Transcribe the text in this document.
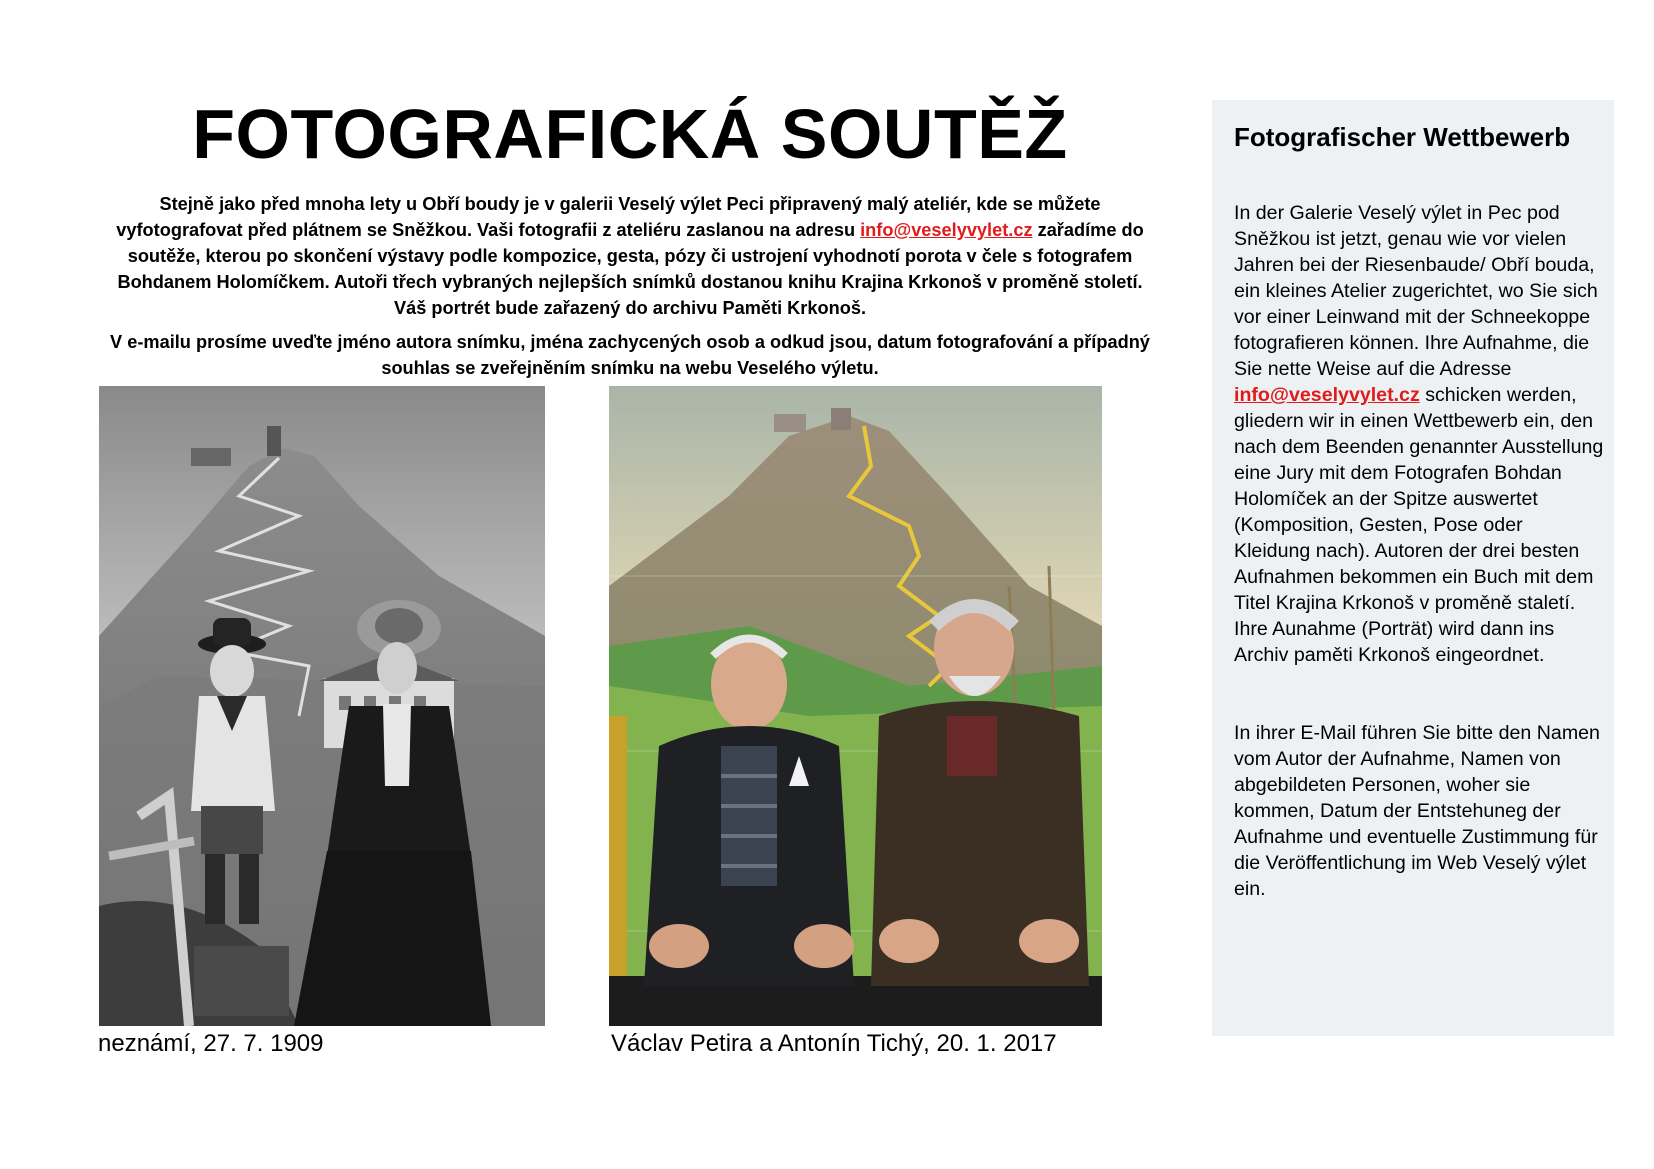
FOTOGRAFICKÁ SOUTĚŽ

Stejně jako před mnoha lety u Obří boudy je v galerii Veselý výlet Peci připravený malý ateliér, kde se můžete vyfotografovat před plátnem se Sněžkou. Vaši fotografii z ateliéru zaslanou na adresu info@veselyvylet.cz zařadíme do soutěže, kterou po skončení výstavy podle kompozice, gesta, pózy či ustrojení vyhodnotí porota v čele s fotografem Bohdanem Holomíčkem. Autoři třech vybraných nejlepších snímků dostanou knihu Krajina Krkonoš v proměně století. Váš portrét bude zařazený do archivu Paměti Krkonoš.

V e-mailu prosíme uveďte jméno autora snímku, jména zachycených osob a odkud jsou, datum fotografování a případný souhlas se zveřejněním snímku na webu Veselého výletu.

neznámí, 27. 7. 1909	Václav Petira a Antonín Tichý, 20. 1. 2017
Fotografischer Wettbewerb

In der Galerie Veselý výlet in Pec pod Sněžkou ist jetzt, genau wie vor vielen Jahren bei der Riesenbaude/ Obří bouda, ein kleines Atelier zugerichtet, wo Sie sich vor einer Leinwand mit der Schneekoppe fotografieren können. Ihre Aufnahme, die Sie nette Weise auf die Adresse info@veselyvylet.cz schicken werden, gliedern wir in einen Wettbewerb ein, den nach dem Beenden genannter Ausstellung eine Jury mit dem Fotografen Bohdan Holomíček an der Spitze auswertet (Komposition, Gesten, Pose oder Kleidung nach). Autoren der drei besten Aufnahmen bekommen ein Buch mit dem Titel Krajina Krkonoš v proměně staletí. Ihre Aunahme (Porträt) wird dann ins Archiv paměti Krkonoš eingeordnet.

In ihrer E-Mail führen Sie bitte den Namen vom Autor der Aufnahme, Namen von abgebildeten Personen, woher sie kommen, Datum der Entstehuneg der Aufnahme und eventuelle Zustimmung für die Veröffentlichung im Web Veselý výlet ein.
